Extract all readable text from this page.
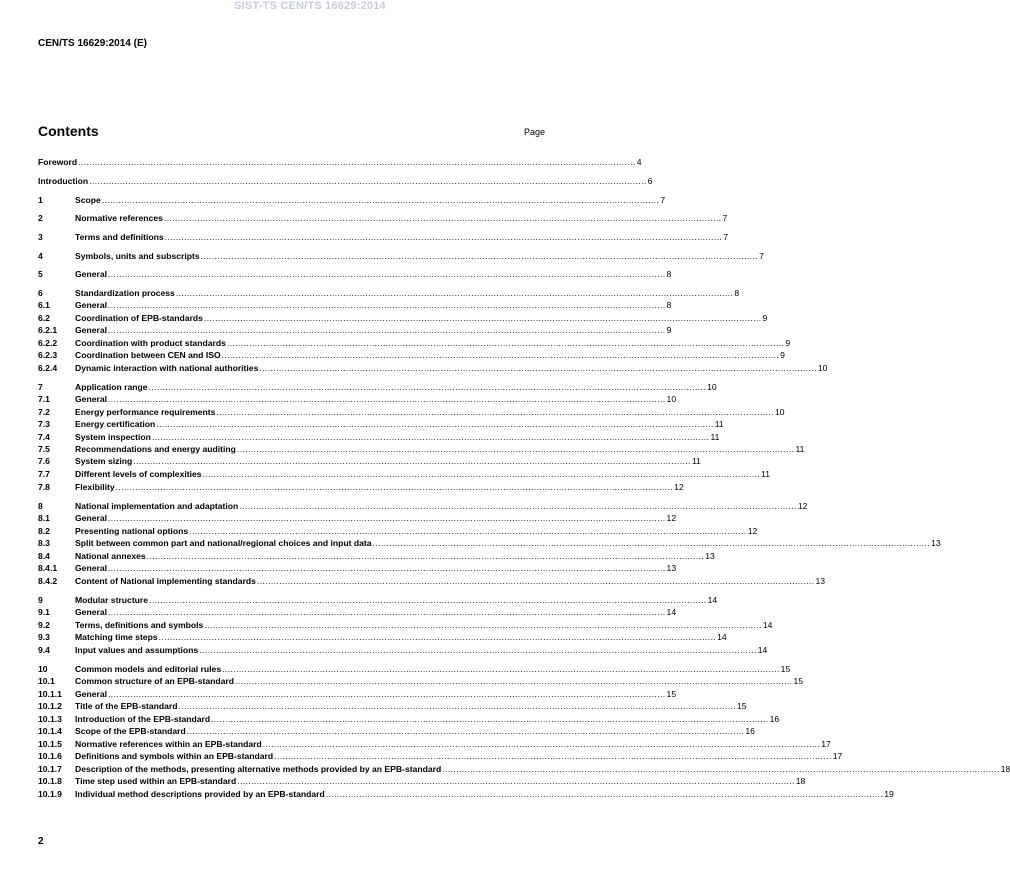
SIST-TS CEN/TS 16629:2014
CEN/TS 16629:2014 (E)
Contents	Page
Foreword ........................................................................................................................................................................................................ 4
Introduction ........................................................................................................................................................................................................ 6
1	Scope ........................................................................................................................................................................................................ 7
2	Normative references ........................................................................................................................................................................................................ 7
3	Terms and definitions ........................................................................................................................................................................................................ 7
4	Symbols, units and subscripts ........................................................................................................................................................................................................ 7
5	General ........................................................................................................................................................................................................ 8
6	Standardization process ........................................................................................................................................................................................................ 8
6.1	General ........................................................................................................................................................................................................ 8
6.2	Coordination of EPB-standards ........................................................................................................................................................................................................ 9
6.2.1	General ........................................................................................................................................................................................................ 9
6.2.2	Coordination with product standards ........................................................................................................................................................................................................ 9
6.2.3	Coordination between CEN and ISO ........................................................................................................................................................................................................ 9
6.2.4	Dynamic interaction with national authorities ........................................................................................................................................................................................................ 10
7	Application range ........................................................................................................................................................................................................ 10
7.1	General ........................................................................................................................................................................................................ 10
7.2	Energy performance requirements ........................................................................................................................................................................................................ 10
7.3	Energy certification ........................................................................................................................................................................................................ 11
7.4	System inspection ........................................................................................................................................................................................................ 11
7.5	Recommendations and energy auditing ........................................................................................................................................................................................................ 11
7.6	System sizing ........................................................................................................................................................................................................ 11
7.7	Different levels of complexities ........................................................................................................................................................................................................ 11
7.8	Flexibility ........................................................................................................................................................................................................ 12
8	National implementation and adaptation ........................................................................................................................................................................................................ 12
8.1	General ........................................................................................................................................................................................................ 12
8.2	Presenting national options ........................................................................................................................................................................................................ 12
8.3	Split between common part and national/regional choices and input data ........................................................................................................................................................................................................ 13
8.4	National annexes ........................................................................................................................................................................................................ 13
8.4.1	General ........................................................................................................................................................................................................ 13
8.4.2	Content of National implementing standards ........................................................................................................................................................................................................ 13
9	Modular structure ........................................................................................................................................................................................................ 14
9.1	General ........................................................................................................................................................................................................ 14
9.2	Terms, definitions and symbols ........................................................................................................................................................................................................ 14
9.3	Matching time steps ........................................................................................................................................................................................................ 14
9.4	Input values and assumptions ........................................................................................................................................................................................................ 14
10	Common models and editorial rules ........................................................................................................................................................................................................ 15
10.1	Common structure of an EPB-standard ........................................................................................................................................................................................................ 15
10.1.1	General ........................................................................................................................................................................................................ 15
10.1.2	Title of the EPB-standard ........................................................................................................................................................................................................ 15
10.1.3	Introduction of the EPB-standard ........................................................................................................................................................................................................ 16
10.1.4	Scope of the EPB-standard ........................................................................................................................................................................................................ 16
10.1.5	Normative references within an EPB-standard ........................................................................................................................................................................................................ 17
10.1.6	Definitions and symbols within an EPB-standard ........................................................................................................................................................................................................ 17
10.1.7	Description of the methods, presenting alternative methods provided by an EPB-standard ........................................................................................................................................................................................................ 18
10.1.8	Time step used within an EPB-standard ........................................................................................................................................................................................................ 18
10.1.9	Individual method descriptions provided by an EPB-standard ........................................................................................................................................................................................................ 19
2
